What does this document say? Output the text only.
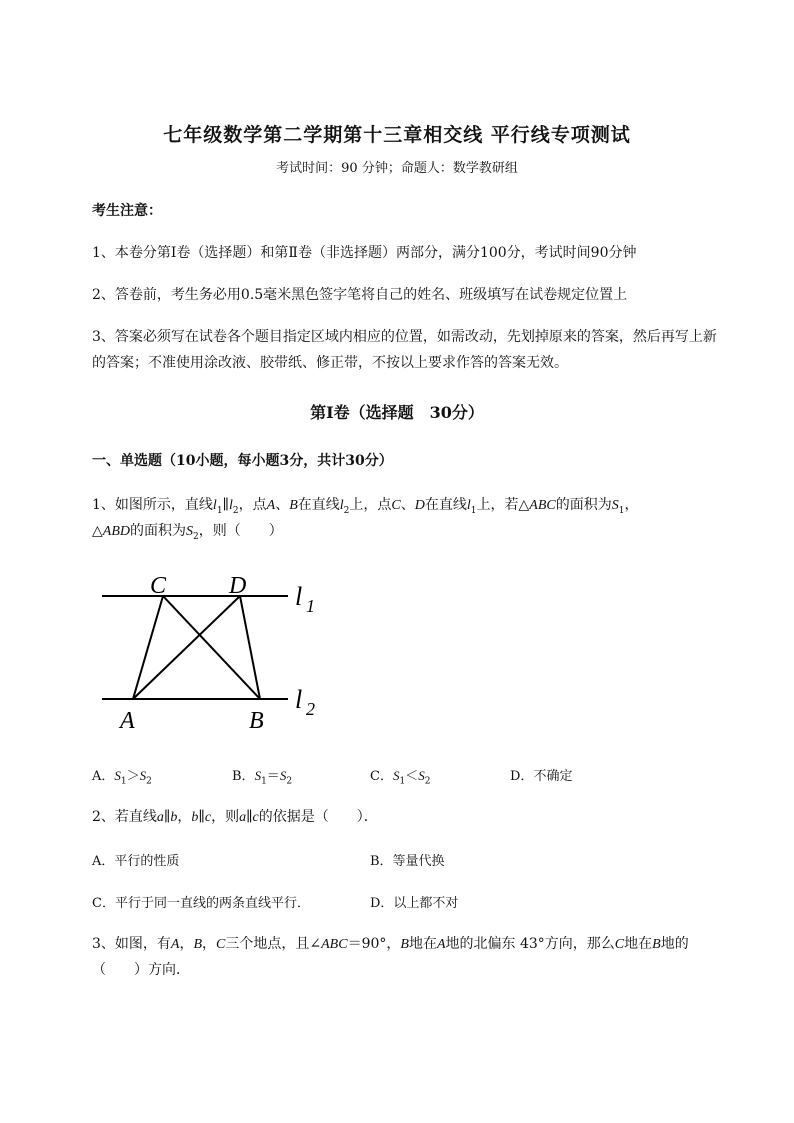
七年级数学第二学期第十三章相交线 平行线专项测试
考试时间：90 分钟；命题人：数学教研组
考生注意：
1、本卷分第Ⅰ卷（选择题）和第Ⅱ卷（非选择题）两部分，满分100分，考试时间90分钟
2、答卷前，考生务必用0.5毫米黑色签字笔将自己的姓名、班级填写在试卷规定位置上
3、答案必须写在试卷各个题目指定区域内相应的位置，如需改动，先划掉原来的答案，然后再写上新
的答案；不准使用涂改液、胶带纸、修正带，不按以上要求作答的答案无效。
第Ⅰ卷（选择题　30分）
一、单选题（10小题，每小题3分，共计30分）
1、如图所示，直线$l_1\parallel l_2$，点A、B在直线$l_2$上，点C、D在直线$l_1$上，若△ABC的面积为$S_1$，
△ABD的面积为$S_2$，则（　　）
C	D
A	B
l 1
l 2
A．$S_1>S_2$	B．$S_1=S_2$	C．$S_1<S_2$	D．不确定
2、若直线a∥b，b∥c，则a∥c的依据是（　　）．
A．平行的性质	B．等量代换
C．平行于同一直线的两条直线平行．	D．以上都不对
3、如图，有A，B，C三个地点，且∠ABC＝90°，B地在A地的北偏东 43°方向，那么C地在B地的
（　　）方向．
